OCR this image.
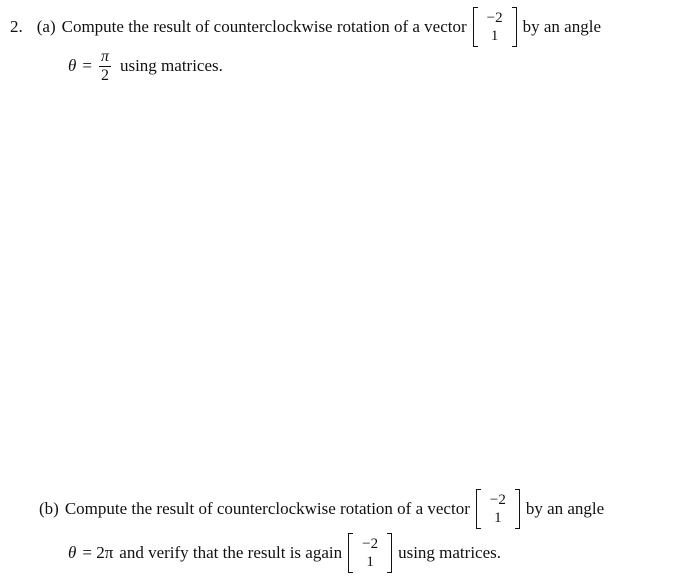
2. (a) Compute the result of counterclockwise rotation of a vector −2
1 by an angle
$\theta = \frac{\pi}{2}$ using matrices.
(b) Compute the result of counterclockwise rotation of a vector −2
1 by an angle
θ = 2π and verify that the result is again −2
1 using matrices.
